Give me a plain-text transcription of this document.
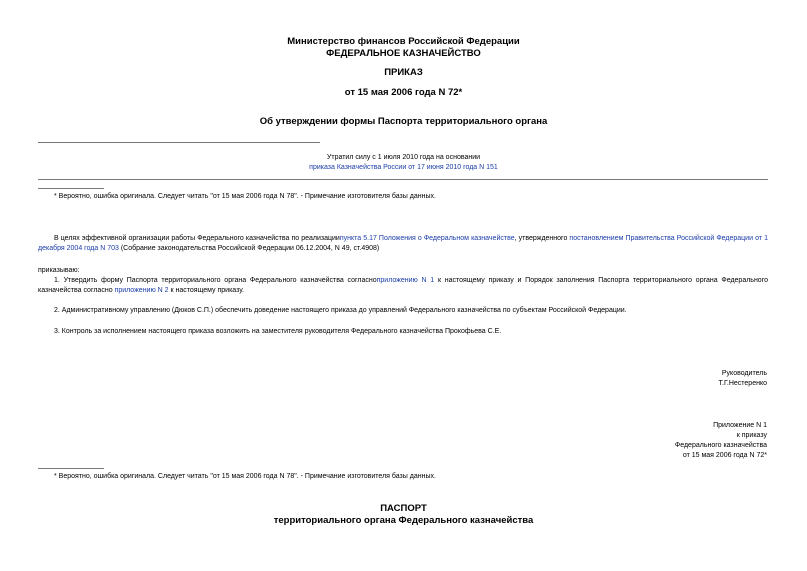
Министерство финансов Российской Федерации
ФЕДЕРАЛЬНОЕ КАЗНАЧЕЙСТВО
ПРИКАЗ
от 15 мая 2006 года N 72*
Об утверждении формы Паспорта территориального органа
Утратил силу с 1 июля 2010 года на основании
приказа Казначейства России от 17 июня 2010 года N 151
* Вероятно, ошибка оригинала. Следует читать "от 15 мая 2006 года N 78". - Примечание изготовителя базы данных.
В целях эффективной организации работы Федерального казначейства по реализациипункта 5.17 Положения о Федеральном казначействе, утвержденного постановлением Правительства Российской Федерации от 1 декабря 2004 года N 703 (Собрание законодательства Российской Федерации 06.12.2004, N 49, ст.4908)
приказываю:
1. Утвердить форму Паспорта территориального органа Федерального казначейства согласноприложению N 1 к настоящему приказу и Порядок заполнения Паспорта территориального органа Федерального казначейства согласно приложению N 2 к настоящему приказу.
2. Административному управлению (Дюков С.П.) обеспечить доведение настоящего приказа до управлений Федерального казначейства по субъектам Российской Федерации.
3. Контроль за исполнением настоящего приказа возложить на заместителя руководителя Федерального казначейства Прокофьева С.Е.
Руководитель
Т.Г.Нестеренко
Приложение N 1
к приказу
Федерального казначейства
от 15 мая 2006 года N 72*
* Вероятно, ошибка оригинала. Следует читать "от 15 мая 2006 года N 78". - Примечание изготовителя базы данных.
ПАСПОРТ
территориального органа Федерального казначейства
